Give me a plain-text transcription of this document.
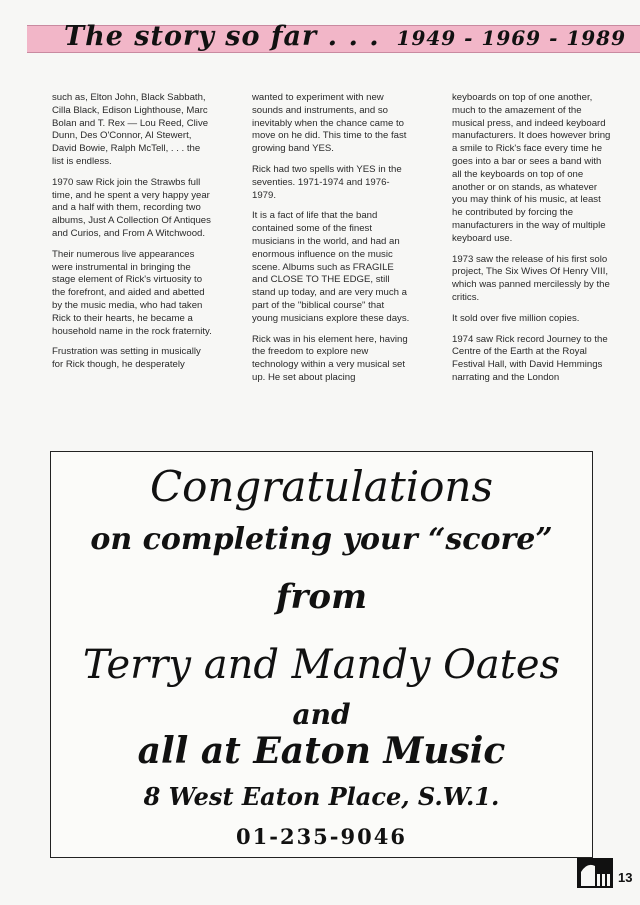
The story so far . . . 1949 - 1969 - 1989

such as, Elton John, Black Sabbath, Cilla Black, Edison Lighthouse, Marc Bolan and T. Rex — Lou Reed, Clive Dunn, Des O'Connor, Al Stewert, David Bowie, Ralph McTell, . . . the list is endless.

1970 saw Rick join the Strawbs full time, and he spent a very happy year and a half with them, recording two albums, Just A Collection Of Antiques and Curios, and From A Witchwood.

Their numerous live appearances were instrumental in bringing the stage element of Rick's virtuosity to the forefront, and aided and abetted by the music media, who had taken Rick to their hearts, he became a household name in the rock fraternity.

Frustration was setting in musically for Rick though, he desperately

wanted to experiment with new sounds and instruments, and so inevitably when the chance came to move on he did. This time to the fast growing band YES.

Rick had two spells with YES in the seventies. 1971-1974 and 1976-1979.

It is a fact of life that the band contained some of the finest musicians in the world, and had an enormous influence on the music scene. Albums such as FRAGILE and CLOSE TO THE EDGE, still stand up today, and are very much a part of the "biblical course" that young musicians explore these days.

Rick was in his element here, having the freedom to explore new technology within a very musical set up. He set about placing

keyboards on top of one another, much to the amazement of the musical press, and indeed keyboard manufacturers. It does however bring a smile to Rick's face every time he goes into a bar or sees a band with all the keyboards on top of one another or on stands, as whatever you may think of his music, at least he contributed by forcing the manufacturers in the way of multiple keyboard use.

1973 saw the release of his first solo project, The Six Wives Of Henry VIII, which was panned mercilessly by the critics.

It sold over five million copies.

1974 saw Rick record Journey to the Centre of the Earth at the Royal Festival Hall, with David Hemmings narrating and the London

Congratulations
on completing your “score”
from
Terry and Mandy Oates
and
all at Eaton Music
8 West Eaton Place, S.W.1.
01-235-9046
13
